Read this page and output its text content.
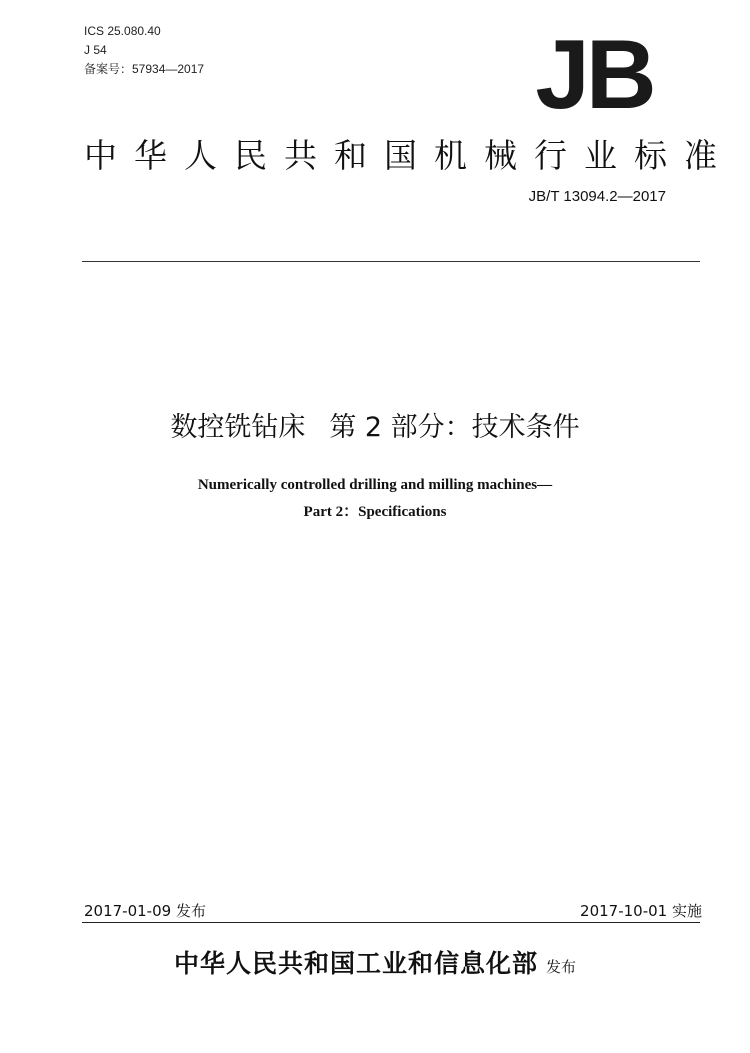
ICS 25.080.40
J 54
备案号：57934—2017	JB
中华人民共和国机械行业标准
JB/T 13094.2—2017
数控铣钻床 第 2 部分：技术条件
Numerically controlled drilling and milling machines—
Part 2：Specifications
2017-01-09 发布	2017-10-01 实施
中华人民共和国工业和信息化部 发布
